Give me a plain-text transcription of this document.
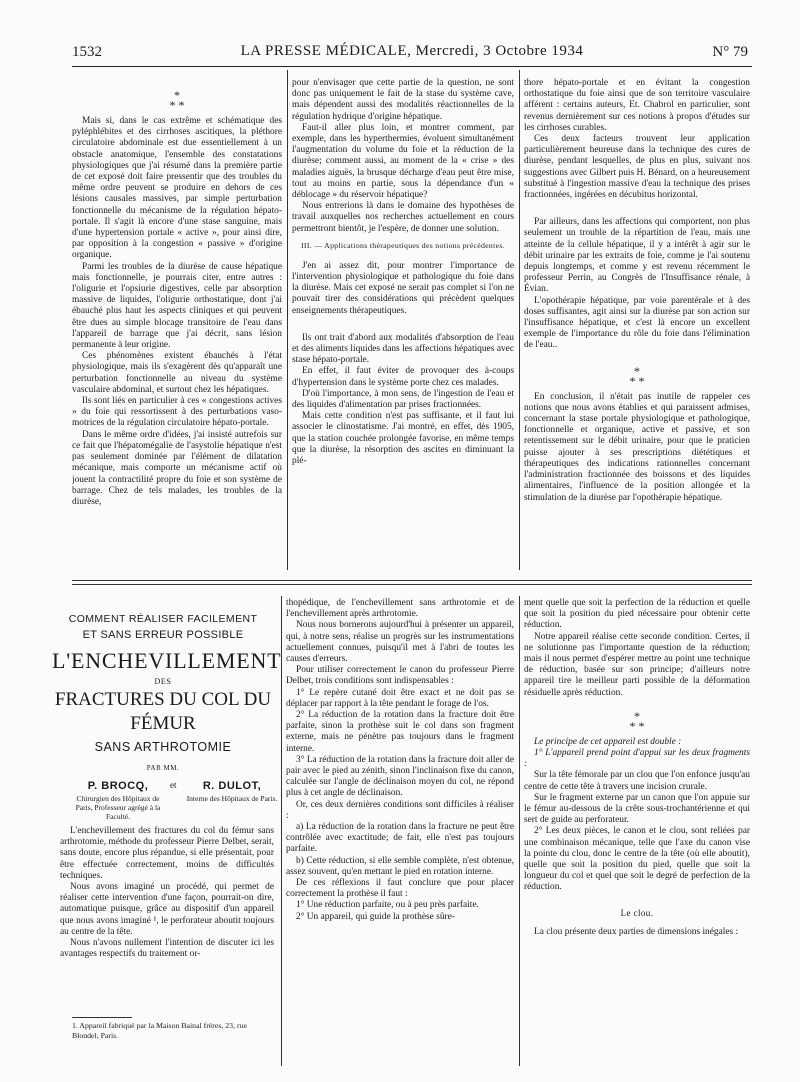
1532	LA PRESSE MÉDICALE, Mercredi, 3 Octobre 1934	N° 79
*
* *

Mais si, dans le cas extrême et schématique des pyléphlébites et des cirrhoses ascitiques, la pléthore circulatoire abdominale est due essentiellement à un obstacle anatomique, l'ensemble des constatations physiologiques que j'ai résumé dans la première partie de cet exposé doit faire pressentir que des troubles du même ordre peuvent se produire en dehors de ces lésions causales massives, par simple perturbation fonctionnelle du mécanisme de la régulation hépato-portale. Il s'agit là encore d'une stase sanguine, mais d'une hypertension portale « active », pour ainsi dire, par opposition à la congestion « passive » d'origine organique.

Parmi les troubles de la diurèse de cause hépatique mais fonctionnelle, je pourrais citer, entre autres : l'oligurie et l'opsiurie digestives, celle par absorption massive de liquides, l'oligurie orthostatique, dont j'ai ébauché plus haut les aspects cliniques et qui peuvent être dues au simple blocage transitoire de l'eau dans l'appareil de barrage que j'ai décrit, sans lésion permanente à leur origine.

Ces phénomènes existent ébauchés à l'état physiologique, mais ils s'exagèrent dès qu'apparaît une perturbation fonctionnelle au niveau du système vasculaire abdominal, et surtout chez les hépatiques.

Ils sont liés en particulier à ces « congestions actives » du foie qui ressortissent à des perturbations vaso-motrices de la régulation circulatoire hépato-portale.

Dans le même ordre d'idées, j'ai insisté autrefois sur ce fait que l'hépatomégalie de l'asystolie hépatique n'est pas seulement dominée par l'élément de dilatation mécanique, mais comporte un mécanisme actif où jouent la contractilité propre du foie et son système de barrage. Chez de tels malades, les troubles de la diurèse,

pour n'envisager que cette partie de la question, ne sont donc pas uniquement le fait de la stase du système cave, mais dépendent aussi des modalités réactionnelles de la régulation hydrique d'origine hépatique.

Faut-il aller plus loin, et montrer comment, par exemple, dans les hyperthermies, évoluent simultanément l'augmentation du volume du foie et la réduction de la diurèse; comment aussi, au moment de la « crise » des maladies aiguës, la brusque décharge d'eau peut être mise, tout au moins en partie, sous la dépendance d'un « déblocage » du réservoir hépatique?

Nous entrerions là dans le domaine des hypothèses de travail auxquelles nos recherches actuellement en cours permettront bientôt, je l'espère, de donner une solution.

III. — Applications thérapeutiques des notions précédentes.

J'en ai assez dit, pour montrer l'importance de l'intervention physiologique et pathologique du foie dans la diurèse. Mais cet exposé ne serait pas complet si l'on ne pouvait tirer des considérations qui précèdent quelques enseignements thérapeutiques.

Ils ont trait d'abord aux modalités d'absorption de l'eau et des aliments liquides dans les affections hépatiques avec stase hépato-portale.

En effet, il faut éviter de provoquer des à-coups d'hypertension dans le système porte chez ces malades.

D'où l'importance, à mon sens, de l'ingestion de l'eau et des liquides d'alimentation par prises fractionnées.

Mais cette condition n'est pas suffisante, et il faut lui associer le clinostatisme. J'ai montré, en effet, dès 1905, que la station couchée prolongée favorise, en même temps que la diurèse, la résorption des ascites en diminuant la plé-

thore hépato-portale et en évitant la congestion orthostatique du foie ainsi que de son territoire vasculaire afférent : certains auteurs, Et. Chabrol en particulier, sont revenus dernièrement sur ces notions à propos d'études sur les cirrhoses curables.

Ces deux facteurs trouvent leur application particulièrement heureuse dans la technique des cures de diurèse, pendant lesquelles, de plus en plus, suivant nos suggestions avec Gilbert puis H. Bénard, on a heureusement substitué à l'ingestion massive d'eau la technique des prises fractionnées, ingérées en décubitus horizontal.

Par ailleurs, dans les affections qui comportent, non plus seulement un trouble de la répartition de l'eau, mais une atteinte de la cellule hépatique, il y a intérêt à agir sur le débit urinaire par les extraits de foie, comme je l'ai soutenu depuis longtemps, et comme y est revenu récemment le professeur Perrin, au Congrès de l'Insuffisance rénale, à Évian.

L'opothérapie hépatique, par voie parentérale et à des doses suffisantes, agit ainsi sur la diurèse par son action sur l'insuffisance hépatique, et c'est là encore un excellent exemple de l'importance du rôle du foie dans l'élimination de l'eau..

*
* *

En conclusion, il n'était pas inutile de rappeler ces notions que nous avons établies et qui paraissent admises, concernant la stase portale physiologique et pathologique, fonctionnelle et organique, active et passive, et son retentissement sur le débit urinaire, pour que le praticien puisse ajouter à ses prescriptions diététiques et thérapeutiques des indications rationnelles concernant l'administration fractionnée des boissons et des liquides alimentaires, l'influence de la position allongée et la stimulation de la diurèse par l'opothérapie hépatique.

COMMENT RÉALISER FACILEMENT
ET SANS ERREUR POSSIBLE
L'ENCHEVILLEMENT
DES
FRACTURES DU COL DU FÉMUR
SANS ARTHROTOMIE
PAR MM.
P. BROCQ,
Chirurgien des Hôpitaux de Paris, Professeur agrégé à la Faculté.
et	R. DULOT,
Interne des Hôpitaux de Paris.

L'enchevillement des fractures du col du fémur sans arthrotomie, méthode du professeur Pierre Delbet, serait, sans doute, encore plus répandue, si elle présentait, pour être effectuée correctement, moins de difficultés techniques.

Nous avons imaginé un procédé, qui permet de réaliser cette intervention d'une façon, pourrait-on dire, automatique puisque, grâce au dispositif d'un appareil que nous avons imaginé ¹, le perforateur aboutit toujours au centre de la tête.

Nous n'avons nullement l'intention de discuter ici les avantages respectifs du traitement or-

1. Appareil fabriqué par la Maison Bainal frères, 23, rue Blondel, Paris.

thopédique, de l'enchevillement sans arthrotomie et de l'enchevillement après arthrotomie.

Nous nous bornerons aujourd'hui à présenter un appareil, qui, à notre sens, réalise un progrès sur les instrumentations actuellement connues, puisqu'il met à l'abri de toutes les causes d'erreurs.

Pour utiliser correctement le canon du professeur Pierre Delbet, trois conditions sont indispensables :

1° Le repère cutané doit être exact et ne doit pas se déplacer par rapport à la tête pendant le forage de l'os.

2° La réduction de la rotation dans la fracture doit être parfaite, sinon la prothèse suit le col dans son fragment externe, mais ne pénètre pas toujours dans le fragment interne.

3° La réduction de la rotation dans la fracture doit aller de pair avec le pied au zénith, sinon l'inclinaison fixe du canon, calculée sur l'angle de déclinaison moyen du col, ne répond plus à cet angle de déclinaison.

Or, ces deux dernières conditions sont difficiles à réaliser :

a) La réduction de la rotation dans la fracture ne peut être contrôlée avec exactitude; de fait, elle n'est pas toujours parfaite.

b) Cette réduction, si elle semble complète, n'est obtenue, assez souvent, qu'en mettant le pied en rotation interne.

De ces réflexions il faut conclure que pour placer correctement la prothèse il faut :

1° Une réduction parfaite, ou à peu près parfaite.

2° Un appareil, qui guide la prothèse sûre-

ment quelle que soit la perfection de la réduction et quelle que soit la position du pied nécessaire pour obtenir cette réduction.

Notre appareil réalise cette seconde condition. Certes, il ne solutionne pas l'importante question de la réduction; mais il nous permet d'espérer mettre au point une technique de réduction, basée sur son principe; d'ailleurs notre appareil tire le meilleur parti possible de la déformation résiduelle après réduction.

*
* *

Le principe de cet appareil est double :

1° L'appareil prend point d'appui sur les deux fragments :

Sur la tête fémorale par un clou que l'on enfonce jusqu'au centre de cette tête à travers une incision crurale.

Sur le fragment externe par un canon que l'on appuie sur le fémur au-dessous de la crête sous-trochantérienne et qui sert de guide au perforateur.

2° Les deux pièces, le canon et le clou, sont reliées par une combinaison mécanique, telle que l'axe du canon vise la pointe du clou, donc le centre de la tête (où elle aboutit), quelle que soit la position du pied, quelle que soit la longueur du col et quel que soit le degré de perfection de la réduction.

Le clou.

La clou présente deux parties de dimensions inégales :
